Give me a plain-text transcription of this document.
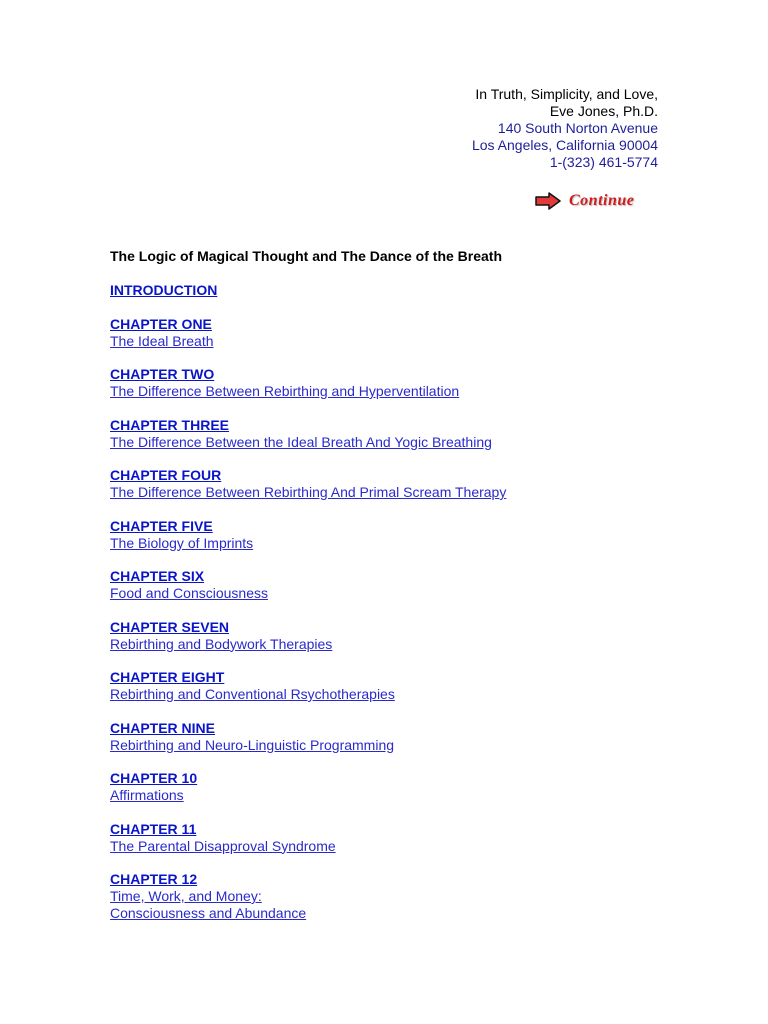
In Truth, Simplicity, and Love,
Eve Jones, Ph.D.
140 South Norton Avenue
Los Angeles, California 90004
1-(323) 461-5774
Continue
The Logic of Magical Thought and The Dance of the Breath
INTRODUCTION
CHAPTER ONE
The Ideal Breath
CHAPTER TWO
The Difference Between Rebirthing and Hyperventilation
CHAPTER THREE
The Difference Between the Ideal Breath And Yogic Breathing
CHAPTER FOUR
The Difference Between Rebirthing And Primal Scream Therapy
CHAPTER FIVE
The Biology of Imprints
CHAPTER SIX
Food and Consciousness
CHAPTER SEVEN
Rebirthing and Bodywork Therapies
CHAPTER EIGHT
Rebirthing and Conventional Rsychotherapies
CHAPTER NINE
Rebirthing and Neuro-Linguistic Programming
CHAPTER 10
Affirmations
CHAPTER 11
The Parental Disapproval Syndrome
CHAPTER 12
Time, Work, and Money:
Consciousness and Abundance
